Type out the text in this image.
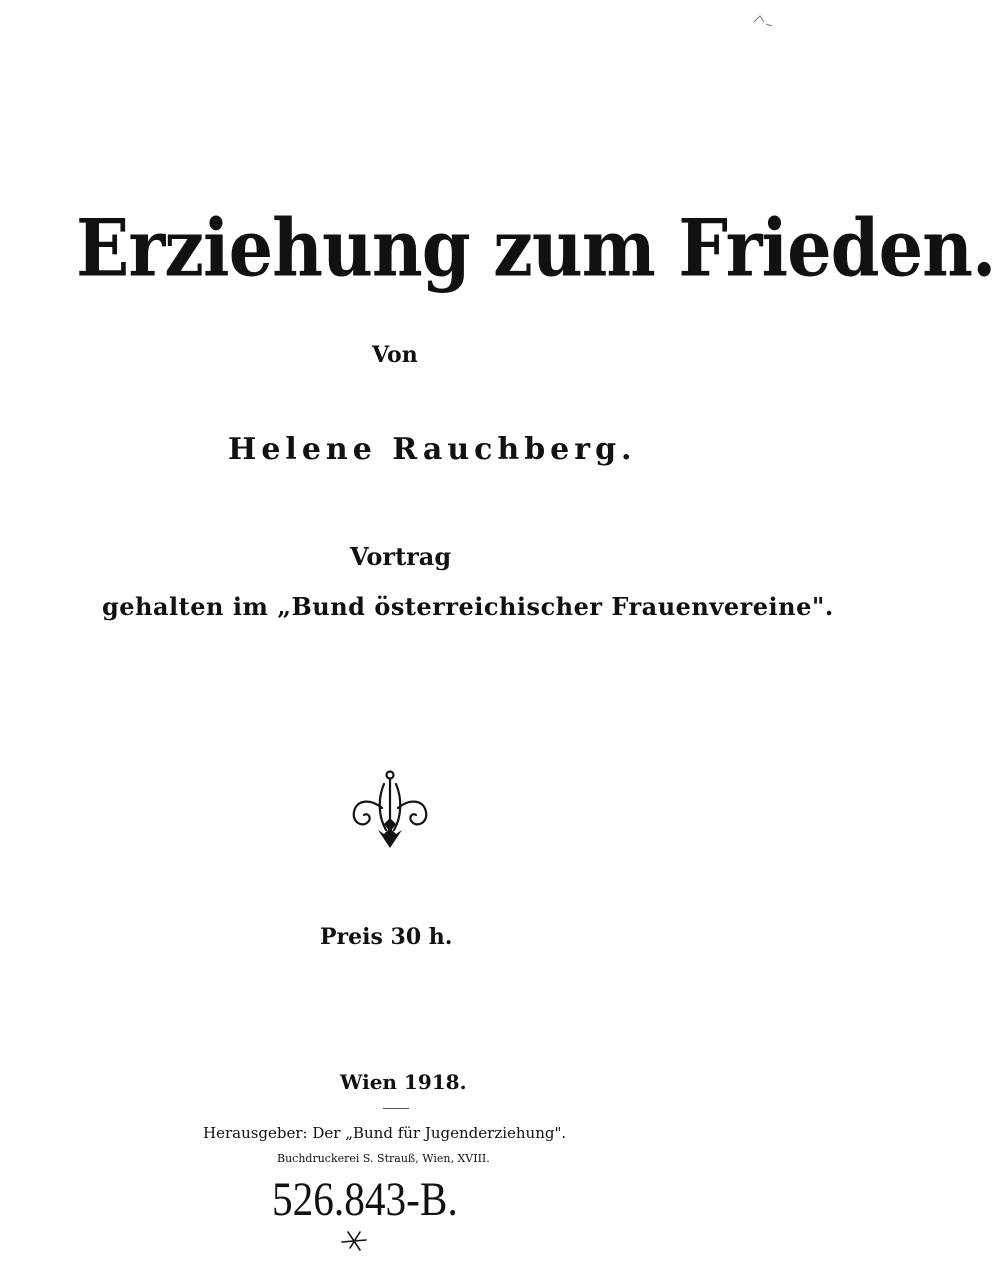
Erziehung zum Frieden.
Von
Helene Rauchberg.
Vortrag
gehalten im „Bund österreichischer Frauenvereine".
Preis 30 h.
Wien 1918.
Herausgeber: Der „Bund für Jugenderziehung".
Buchdruckerei S. Strauß, Wien, XVIII.
526.843-B.
